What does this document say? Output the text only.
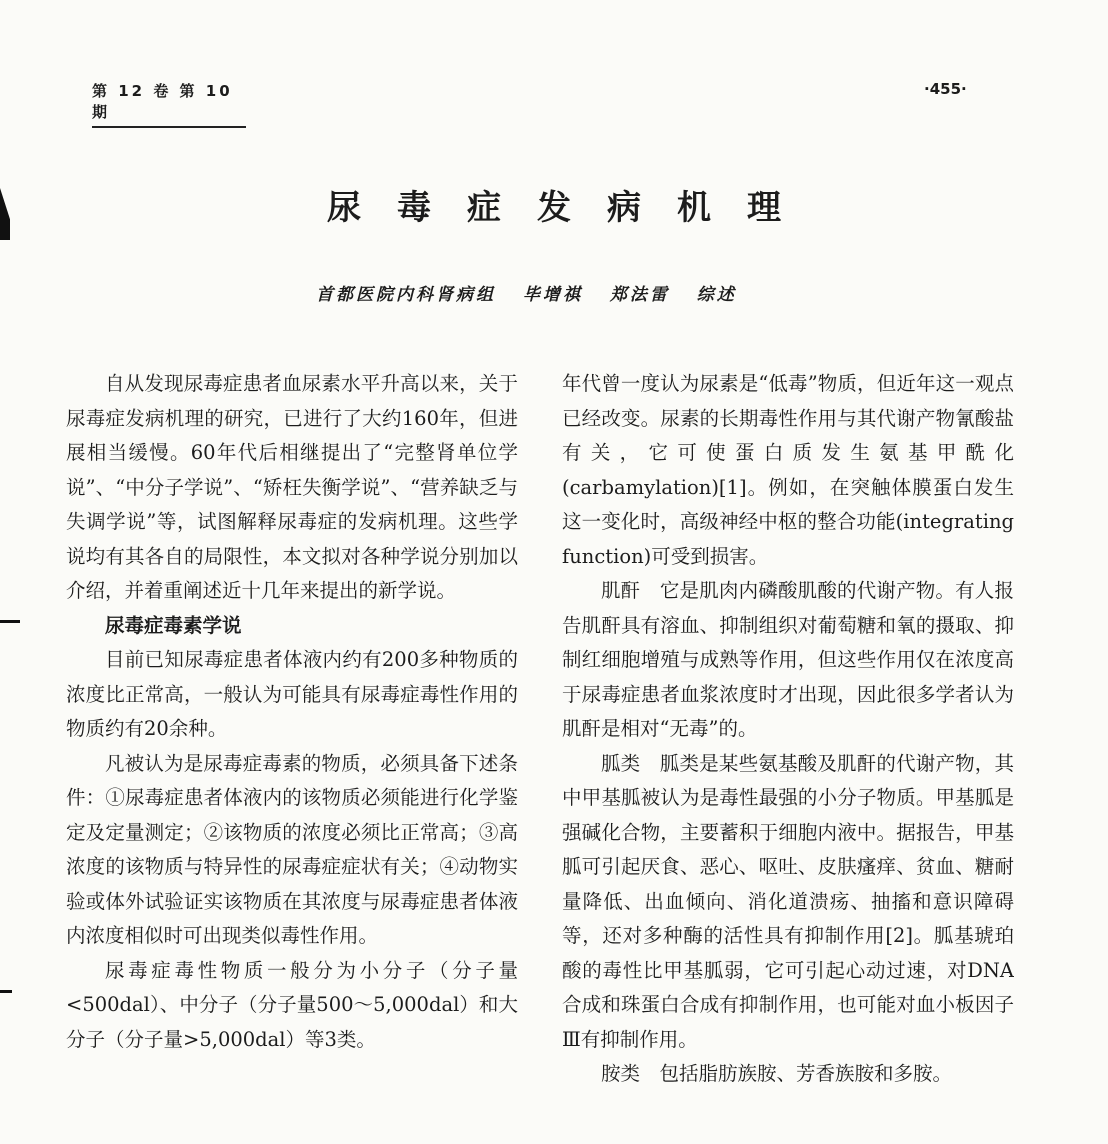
第 12 卷 第 10 期
·455·
尿毒症发病机理
首都医院内科肾病组 毕增祺 郑法雷 综述

自从发现尿毒症患者血尿素水平升高以来，关于尿毒症发病机理的研究，已进行了大约160年，但进展相当缓慢。60年代后相继提出了“完整肾单位学说”、“中分子学说”、“矫枉失衡学说”、“营养缺乏与失调学说”等，试图解释尿毒症的发病机理。这些学说均有其各自的局限性，本文拟对各种学说分别加以介绍，并着重阐述近十几年来提出的新学说。

尿毒症毒素学说

目前已知尿毒症患者体液内约有200多种物质的浓度比正常高，一般认为可能具有尿毒症毒性作用的物质约有20余种。

凡被认为是尿毒症毒素的物质，必须具备下述条件：①尿毒症患者体液内的该物质必须能进行化学鉴定及定量测定；②该物质的浓度必须比正常高；③高浓度的该物质与特异性的尿毒症症状有关；④动物实验或体外试验证实该物质在其浓度与尿毒症患者体液内浓度相似时可出现类似毒性作用。

尿毒症毒性物质一般分为小分子（分子量<500dal）、中分子（分子量500～5,000dal）和大分子（分子量>5,000dal）等3类。

年代曾一度认为尿素是“低毒”物质，但近年这一观点已经改变。尿素的长期毒性作用与其代谢产物氰酸盐有关，它可使蛋白质发生氨基甲酰化(carbamylation)[1]。例如，在突触体膜蛋白发生这一变化时，高级神经中枢的整合功能(integrating function)可受到损害。

肌酐 它是肌肉内磷酸肌酸的代谢产物。有人报告肌酐具有溶血、抑制组织对葡萄糖和氧的摄取、抑制红细胞增殖与成熟等作用，但这些作用仅在浓度高于尿毒症患者血浆浓度时才出现，因此很多学者认为肌酐是相对“无毒”的。

胍类 胍类是某些氨基酸及肌酐的代谢产物，其中甲基胍被认为是毒性最强的小分子物质。甲基胍是强碱化合物，主要蓄积于细胞内液中。据报告，甲基胍可引起厌食、恶心、呕吐、皮肤瘙痒、贫血、糖耐量降低、出血倾向、消化道溃疡、抽搐和意识障碍等，还对多种酶的活性具有抑制作用[2]。胍基琥珀酸的毒性比甲基胍弱，它可引起心动过速，对DNA合成和珠蛋白合成有抑制作用，也可能对血小板因子Ⅲ有抑制作用。

胺类 包括脂肪族胺、芳香族胺和多胺。
